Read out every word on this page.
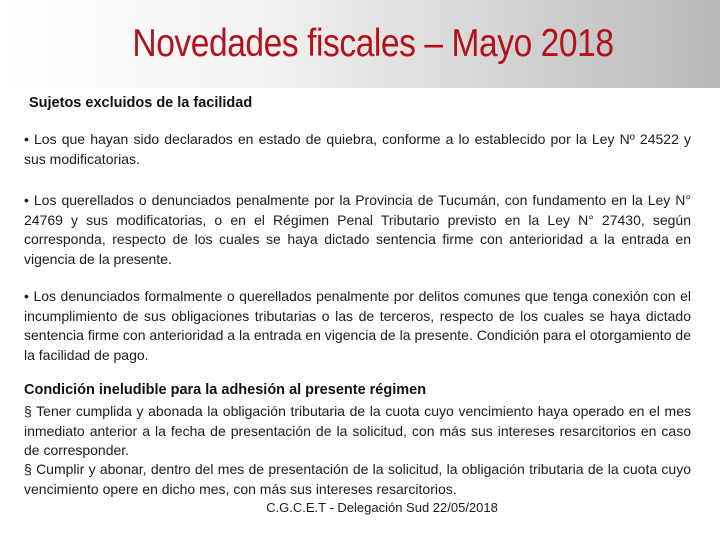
Novedades fiscales – Mayo 2018
Sujetos excluidos de la facilidad
• Los que hayan sido declarados en estado de quiebra, conforme a lo establecido por la Ley Nº 24522 y sus modificatorias.
• Los querellados o denunciados penalmente por la Provincia de Tucumán, con fundamento en la Ley N° 24769 y sus modificatorias, o en el Régimen Penal Tributario previsto en la Ley N° 27430, según corresponda, respecto de los cuales se haya dictado sentencia firme con anterioridad a la entrada en vigencia de la presente.
• Los denunciados formalmente o querellados penalmente por delitos comunes que tenga conexión con el incumplimiento de sus obligaciones tributarias o las de terceros, respecto de los cuales se haya dictado sentencia firme con anterioridad a la entrada en vigencia de la presente. Condición para el otorgamiento de la facilidad de pago.
Condición ineludible para la adhesión al presente régimen
§ Tener cumplida y abonada la obligación tributaria de la cuota cuyo vencimiento haya operado en el mes inmediato anterior a la fecha de presentación de la solicitud, con más sus intereses resarcitorios en caso de corresponder.
§ Cumplir y abonar, dentro del mes de presentación de la solicitud, la obligación tributaria de la cuota cuyo vencimiento opere en dicho mes, con más sus intereses resarcitorios.
C.G.C.E.T - Delegación Sud 22/05/2018
